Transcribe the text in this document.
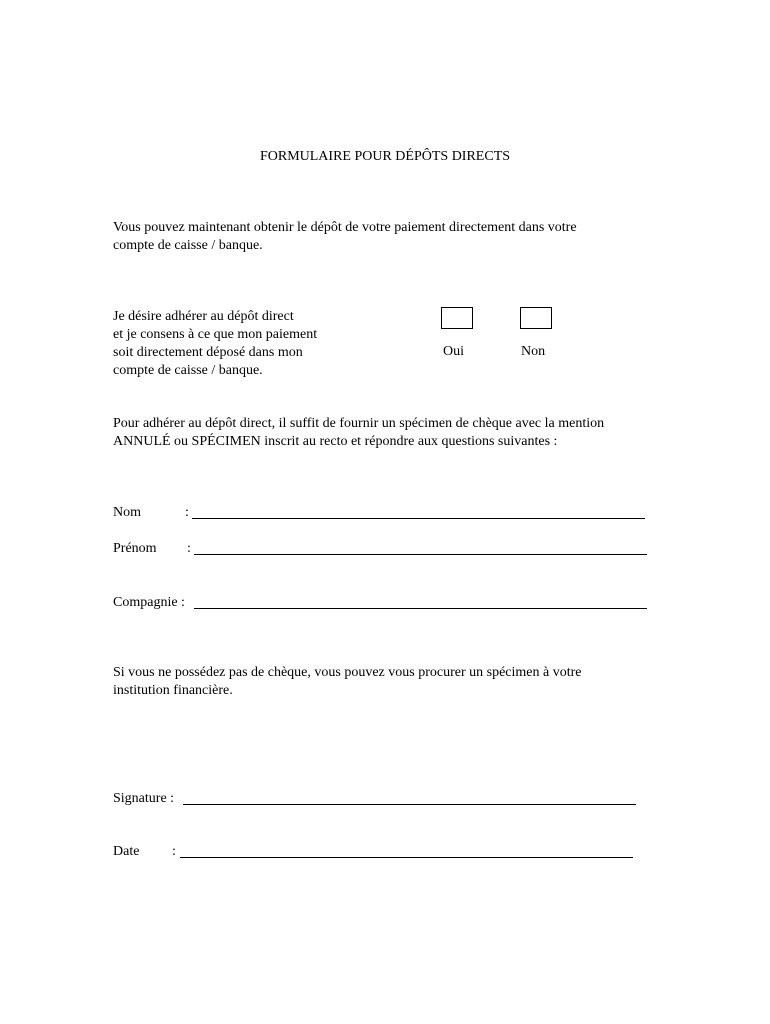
FORMULAIRE POUR DÉPÔTS DIRECTS
Vous pouvez maintenant obtenir le dépôt de votre paiement directement dans votre
compte de caisse / banque.
Je désire adhérer au dépôt direct
et je consens à ce que mon paiement
soit directement déposé dans mon
compte de caisse / banque.
Oui	Non
Pour adhérer au dépôt direct, il suffit de fournir un spécimen de chèque avec la mention
ANNULÉ ou SPÉCIMEN inscrit au recto et répondre aux questions suivantes :
Nom	:
Prénom :
Compagnie :
Si vous ne possédez pas de chèque, vous pouvez vous procurer un spécimen à votre
institution financière.
Signature :
Date :
